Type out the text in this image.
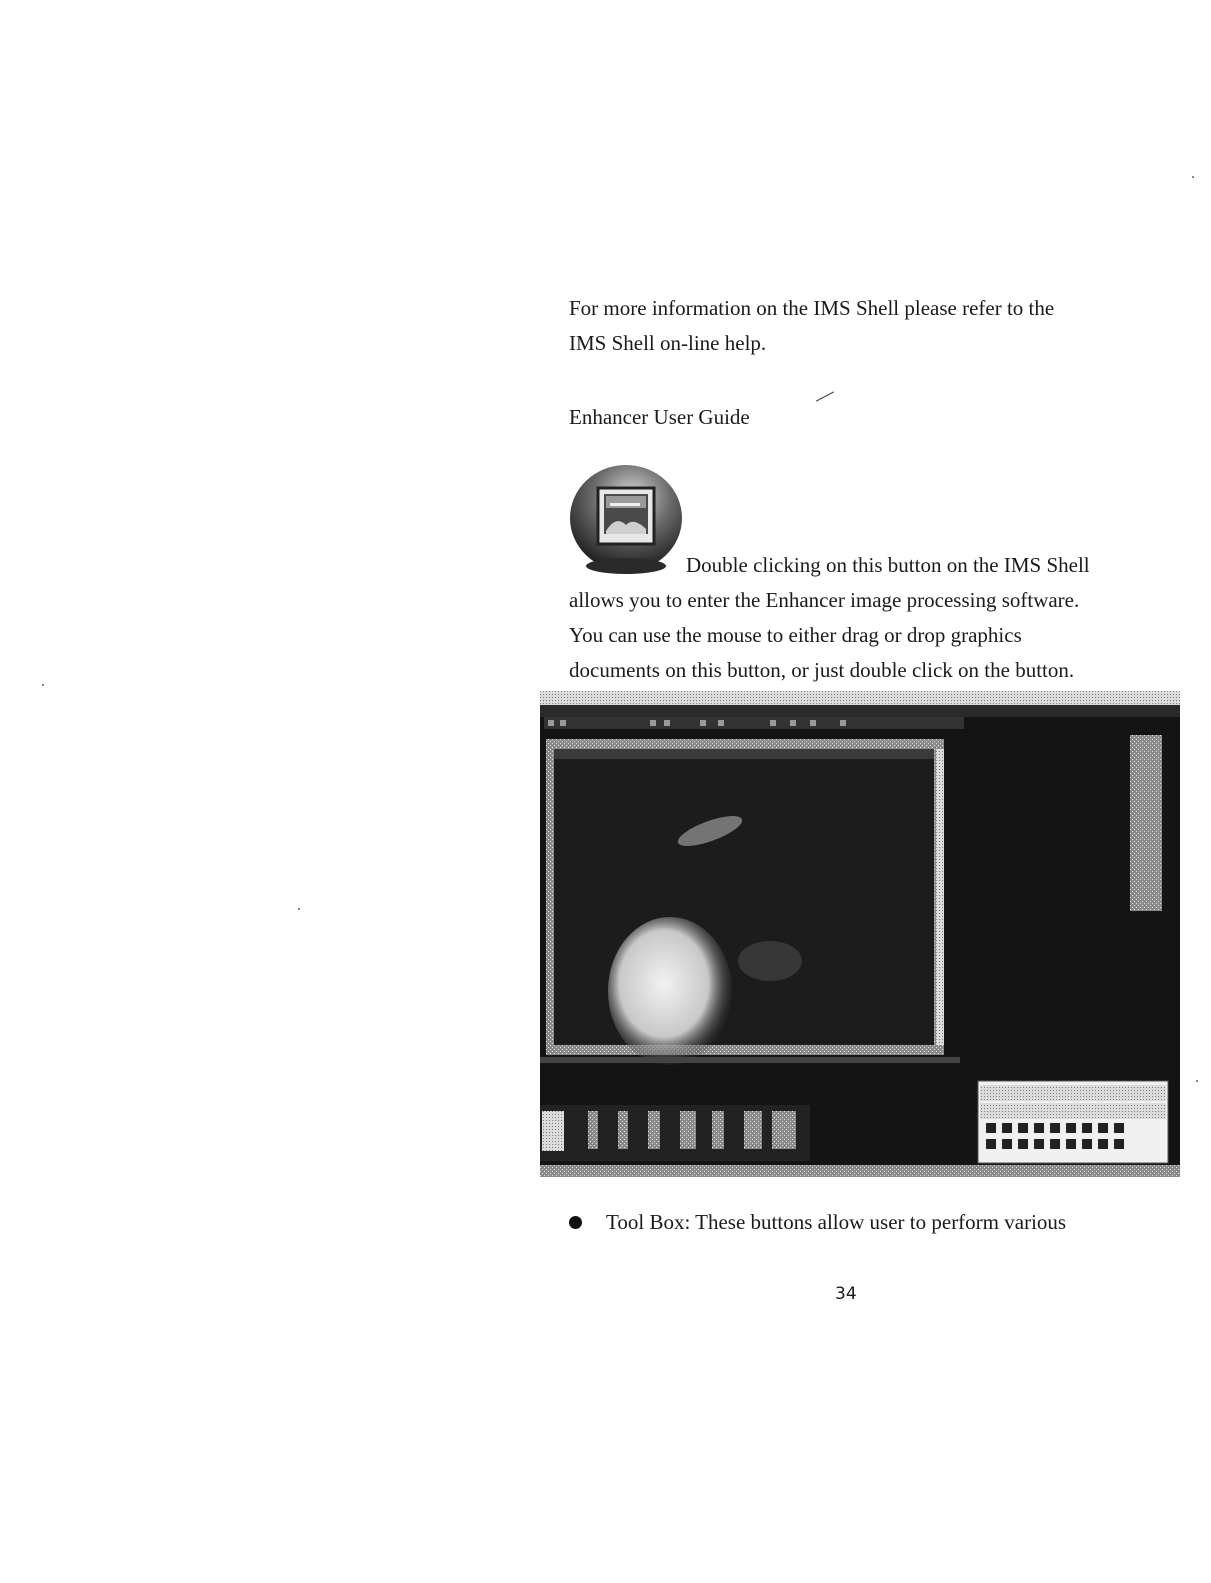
For more information on the IMS Shell please refer to the
IMS Shell on-line help.
Enhancer User Guide
Double clicking on this button on the IMS Shell
allows you to enter the Enhancer image processing software.
You can use the mouse to either drag or drop graphics
documents on this button, or just double click on the button.
Tool Box: These buttons allow user to perform various
34
